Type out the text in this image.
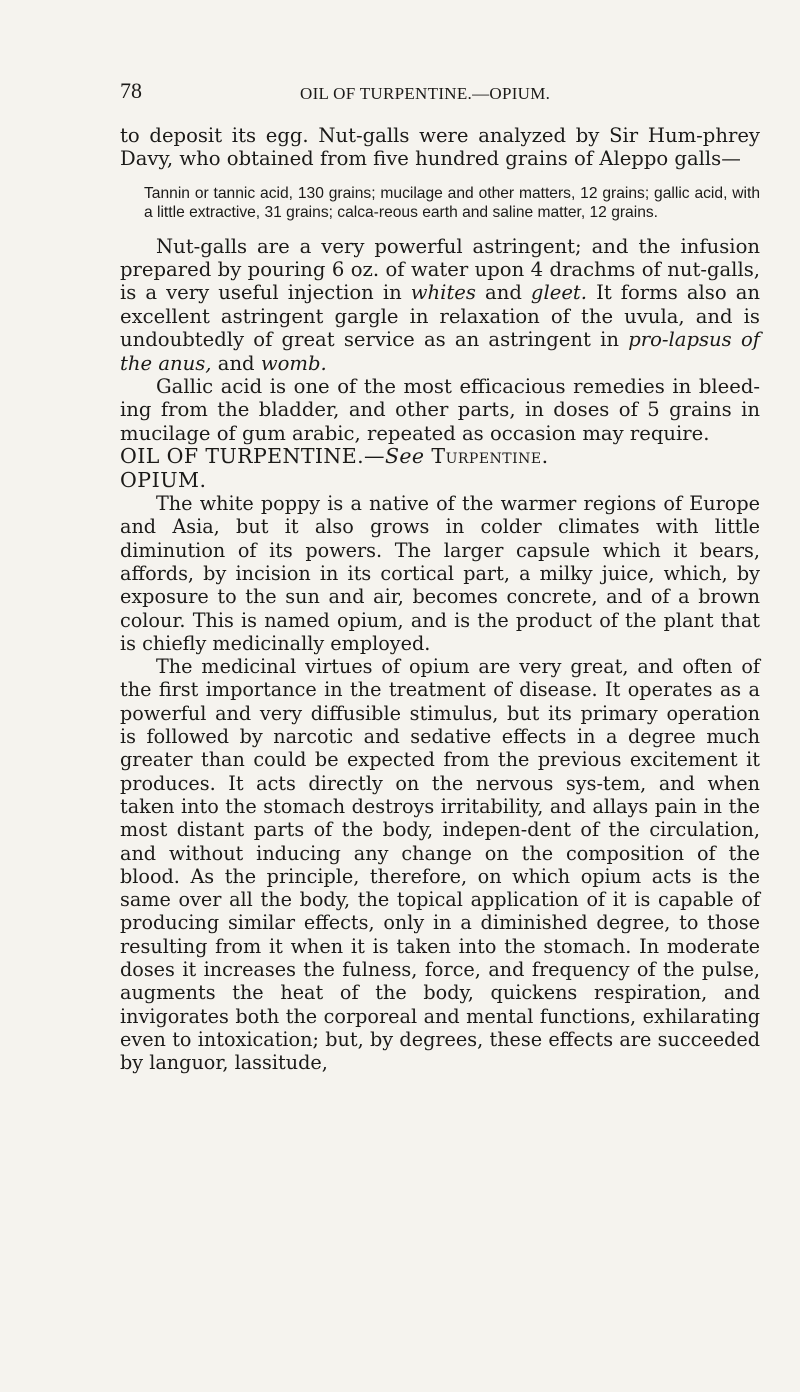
78	OIL OF TURPENTINE.—OPIUM.

to deposit its egg. Nut-galls were analyzed by Sir Hum-phrey Davy, who obtained from five hundred grains of Aleppo galls—

Tannin or tannic acid, 130 grains; mucilage and other matters, 12 grains; gallic acid, with a little extractive, 31 grains; calca-reous earth and saline matter, 12 grains.

Nut-galls are a very powerful astringent; and the infusion prepared by pouring 6 oz. of water upon 4 drachms of nut-galls, is a very useful injection in whites and gleet. It forms also an excellent astringent gargle in relaxation of the uvula, and is undoubtedly of great service as an astringent in pro-lapsus of the anus, and womb.

Gallic acid is one of the most efficacious remedies in bleed-ing from the bladder, and other parts, in doses of 5 grains in mucilage of gum arabic, repeated as occasion may require.

OIL OF TURPENTINE.—See Turpentine.

OPIUM.

The white poppy is a native of the warmer regions of Europe and Asia, but it also grows in colder climates with little diminution of its powers. The larger capsule which it bears, affords, by incision in its cortical part, a milky juice, which, by exposure to the sun and air, becomes concrete, and of a brown colour. This is named opium, and is the product of the plant that is chiefly medicinally employed.

The medicinal virtues of opium are very great, and often of the first importance in the treatment of disease. It operates as a powerful and very diffusible stimulus, but its primary operation is followed by narcotic and sedative effects in a degree much greater than could be expected from the previous excitement it produces. It acts directly on the nervous sys-tem, and when taken into the stomach destroys irritability, and allays pain in the most distant parts of the body, indepen-dent of the circulation, and without inducing any change on the composition of the blood. As the principle, therefore, on which opium acts is the same over all the body, the topical application of it is capable of producing similar effects, only in a diminished degree, to those resulting from it when it is taken into the stomach. In moderate doses it increases the fulness, force, and frequency of the pulse, augments the heat of the body, quickens respiration, and invigorates both the corporeal and mental functions, exhilarating even to intoxication; but, by degrees, these effects are succeeded by languor, lassitude,
